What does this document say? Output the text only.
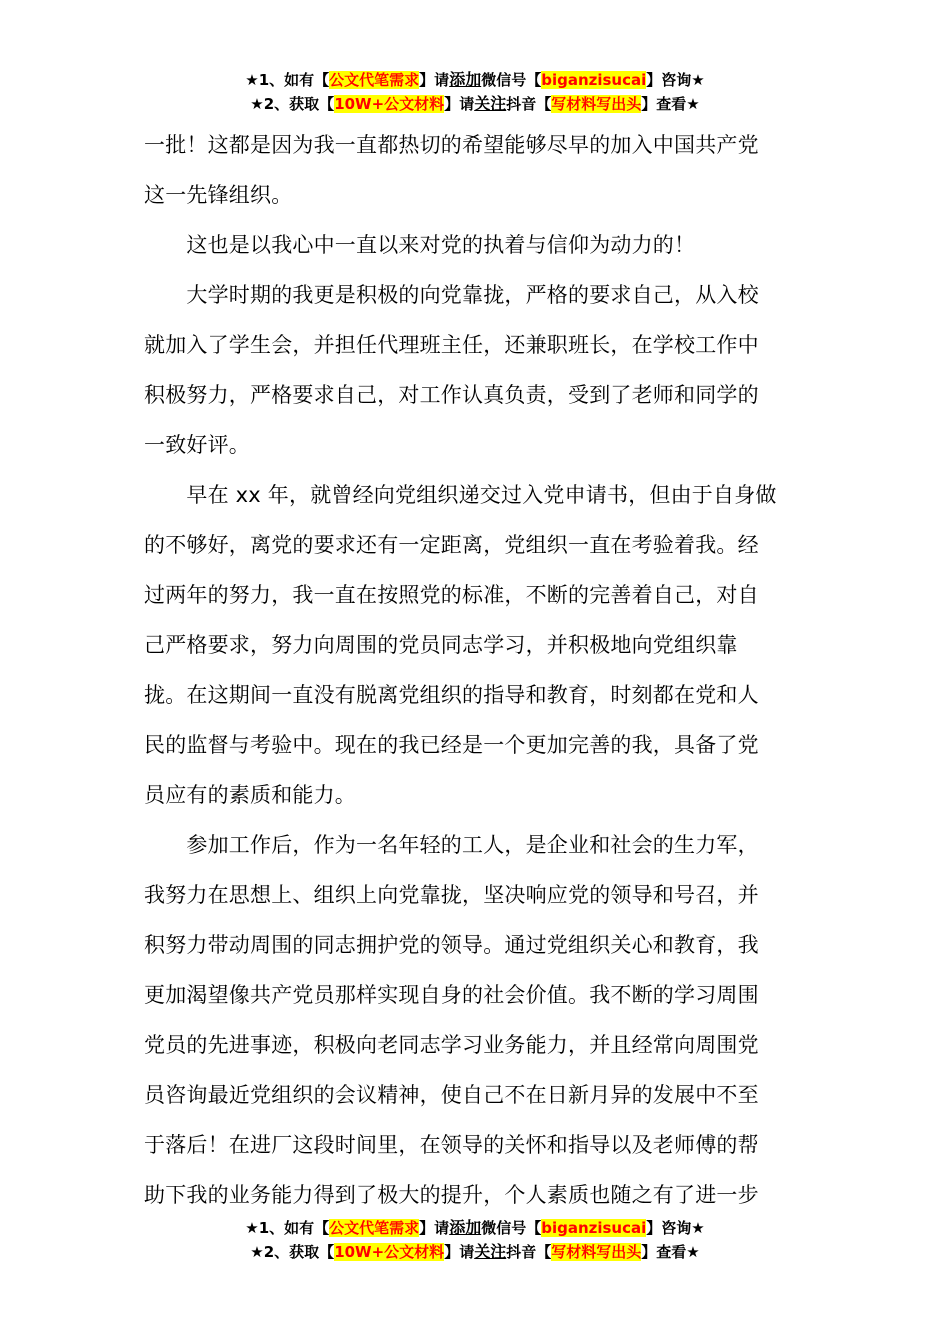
★1、如有【公文代笔需求】请添加微信号【biganzisucai】咨询★
★2、获取【10W+公文材料】请关注抖音【写材料写出头】查看★
一批！这都是因为我一直都热切的希望能够尽早的加入中国共产党
这一先锋组织。
　　这也是以我心中一直以来对党的执着与信仰为动力的！
　　大学时期的我更是积极的向党靠拢，严格的要求自己，从入校
就加入了学生会，并担任代理班主任，还兼职班长，在学校工作中
积极努力，严格要求自己，对工作认真负责，受到了老师和同学的
一致好评。
　　早在 xx 年，就曾经向党组织递交过入党申请书，但由于自身做
的不够好，离党的要求还有一定距离，党组织一直在考验着我。经
过两年的努力，我一直在按照党的标准，不断的完善着自己，对自
己严格要求，努力向周围的党员同志学习，并积极地向党组织靠
拢。在这期间一直没有脱离党组织的指导和教育，时刻都在党和人
民的监督与考验中。现在的我已经是一个更加完善的我，具备了党
员应有的素质和能力。
　　参加工作后，作为一名年轻的工人，是企业和社会的生力军，
我努力在思想上、组织上向党靠拢，坚决响应党的领导和号召，并
积努力带动周围的同志拥护党的领导。通过党组织关心和教育，我
更加渴望像共产党员那样实现自身的社会价值。我不断的学习周围
党员的先进事迹，积极向老同志学习业务能力，并且经常向周围党
员咨询最近党组织的会议精神，使自己不在日新月异的发展中不至
于落后！在进厂这段时间里，在领导的关怀和指导以及老师傅的帮
助下我的业务能力得到了极大的提升，个人素质也随之有了进一步
★1、如有【公文代笔需求】请添加微信号【biganzisucai】咨询★
★2、获取【10W+公文材料】请关注抖音【写材料写出头】查看★
